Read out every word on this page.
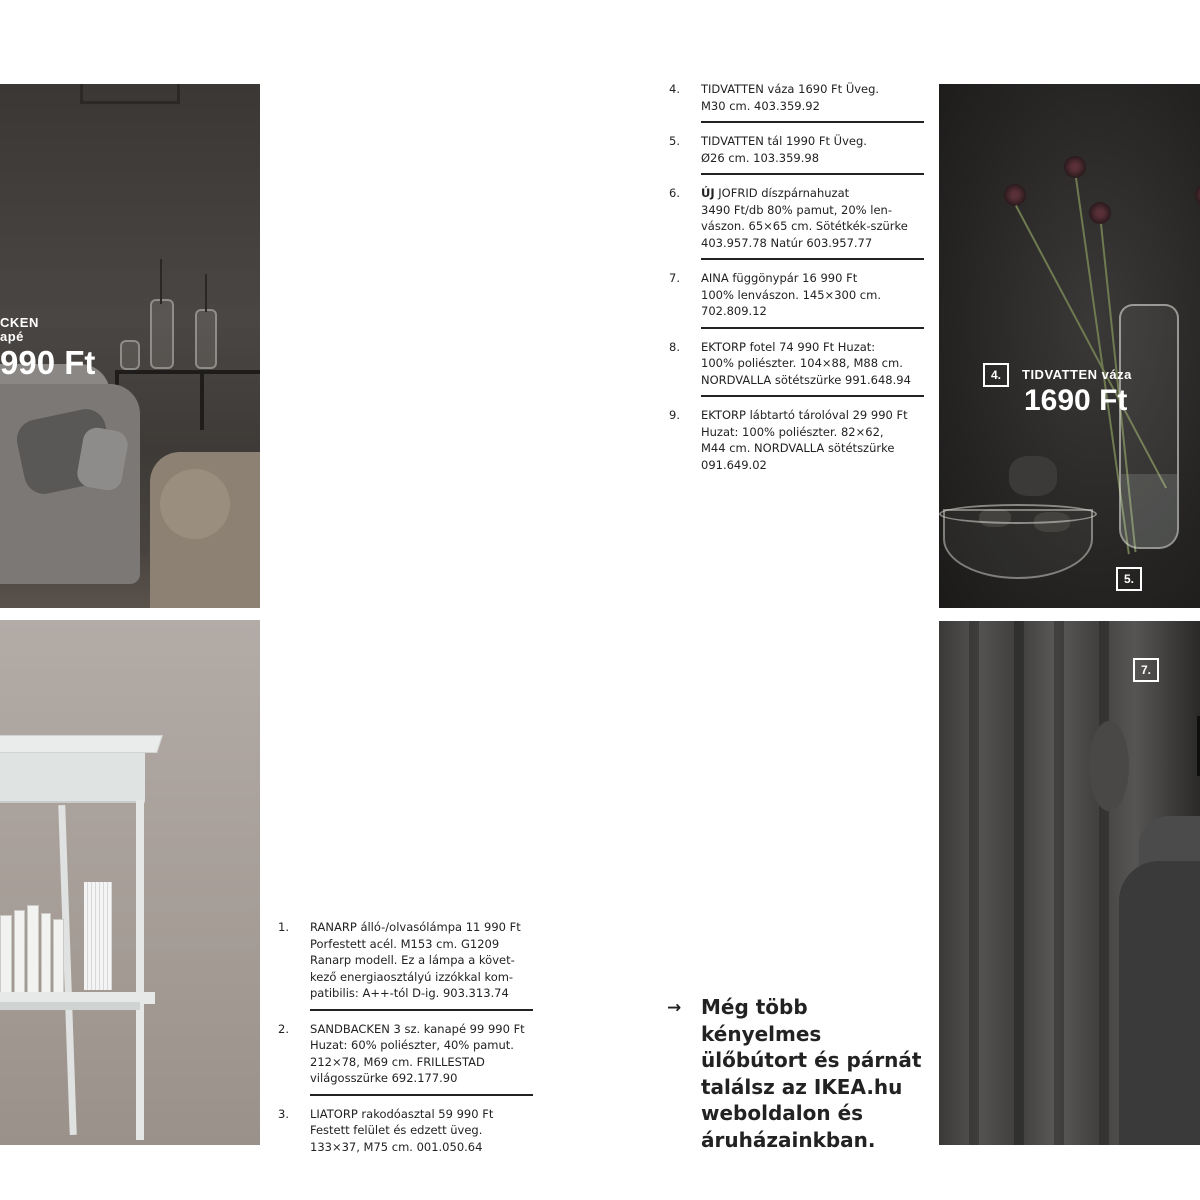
CKEN
apé
990 Ft	4.	TIDVATTEN váza
1690 Ft
5.
7.
4. TIDVATTEN váza 1690 Ft Üveg.
M30 cm. 403.359.92
5. TIDVATTEN tál 1990 Ft Üveg.
Ø26 cm. 103.359.98
6. ÚJ JOFRID díszpárnahuzat
3490 Ft/db 80% pamut, 20% len-
vászon. 65×65 cm. Sötétkék-szürke
403.957.78 Natúr 603.957.77
7. AINA függönypár 16 990 Ft
100% lenvászon. 145×300 cm.
702.809.12
8. EKTORP fotel 74 990 Ft Huzat:
100% poliészter. 104×88, M88 cm.
NORDVALLA sötétszürke 991.648.94
9. EKTORP lábtartó tárolóval 29 990 Ft
Huzat: 100% poliészter. 82×62,
M44 cm. NORDVALLA sötétszürke
091.649.02
1. RANARP álló-/olvasólámpa 11 990 Ft
Porfestett acél. M153 cm. G1209
Ranarp modell. Ez a lámpa a követ-
kező energiaosztályú izzókkal kom-
patibilis: A++-tól D-ig. 903.313.74
2. SANDBACKEN 3 sz. kanapé 99 990 Ft
Huzat: 60% poliészter, 40% pamut.
212×78, M69 cm. FRILLESTAD
világosszürke 692.177.90
3. LIATORP rakodóasztal 59 990 Ft
Festett felület és edzett üveg.
133×37, M75 cm. 001.050.64
→ Még több
kényelmes
ülőbútort és párnát
találsz az IKEA.hu
weboldalon és
áruházainkban.
